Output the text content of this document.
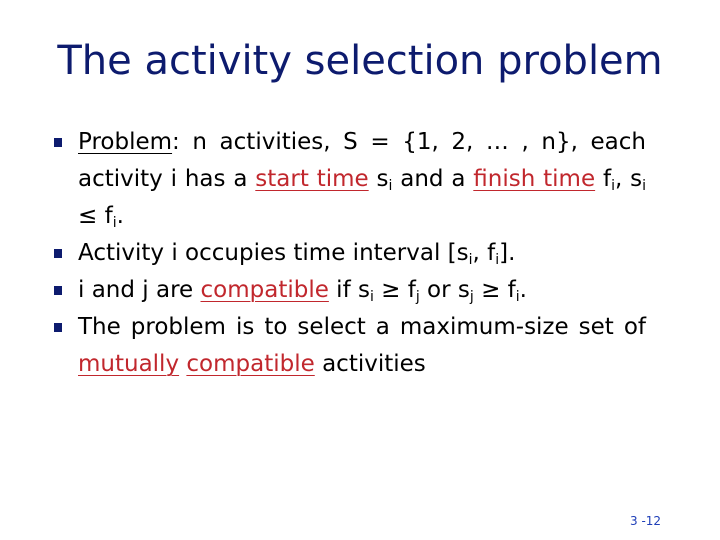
The activity selection problem
Problem: n activities, S = {1, 2, … , n}, each activity i has a start time $s_i$ and a finish time $f_i$, $s_i \le f_i$.
Activity i occupies time interval [$s_i$, $f_i$].
i and j are compatible if $s_i \ge f_j$ or $s_j \ge f_i$.
The problem is to select a maximum-size set of mutually compatible activities
3 -12
